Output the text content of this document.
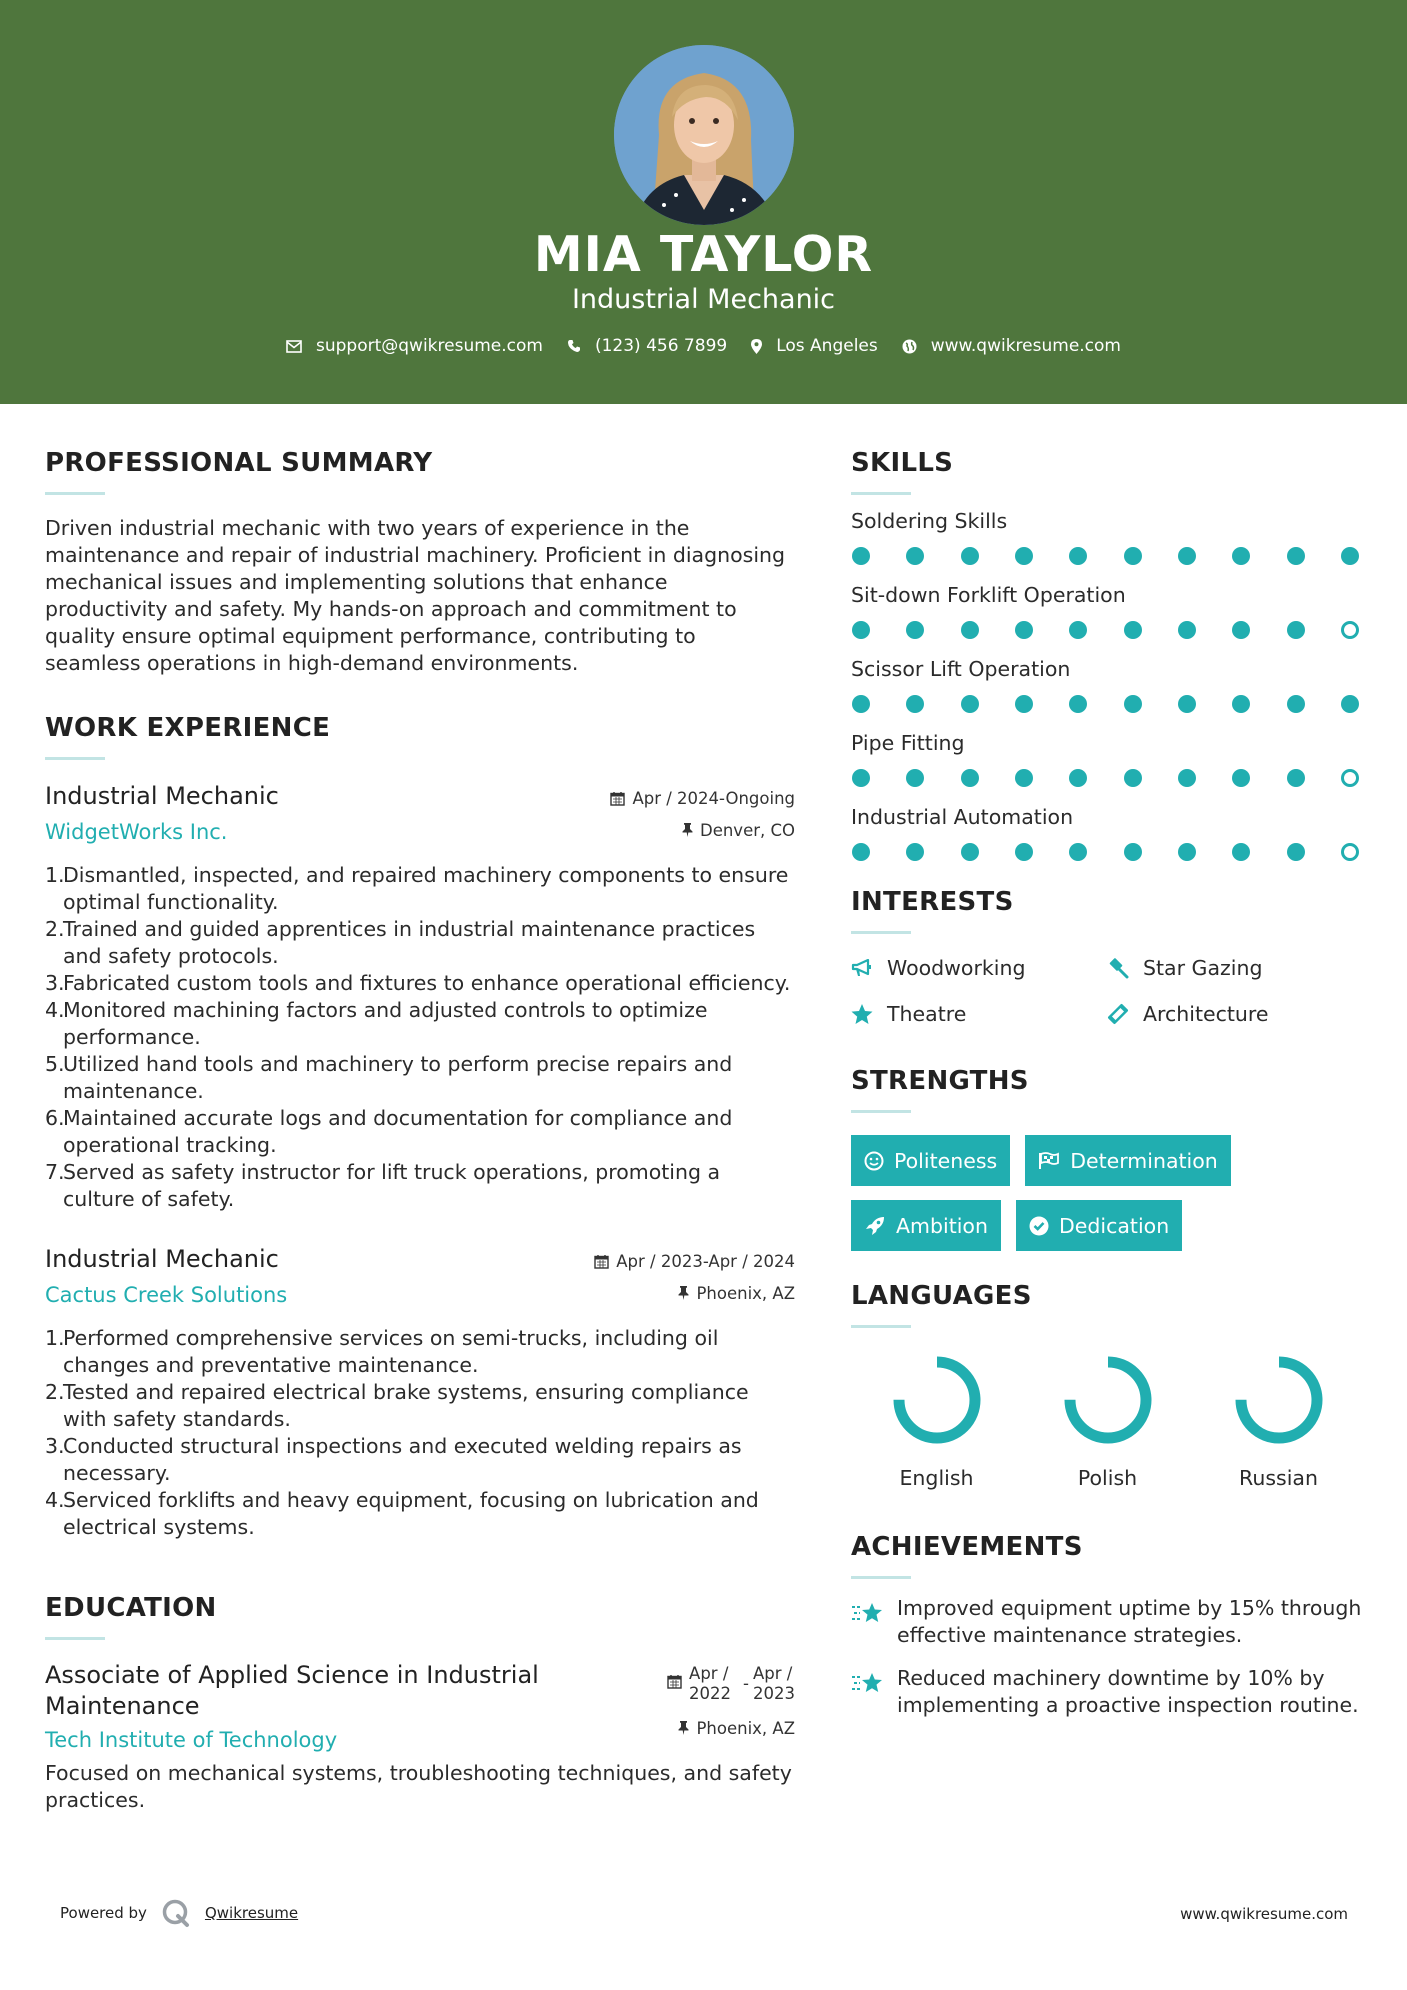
MIA TAYLOR
Industrial Mechanic
support@qwikresume.com	(123) 456 7899	Los Angeles	www.qwikresume.com
PROFESSIONAL SUMMARY
Driven industrial mechanic with two years of experience in the maintenance and repair of industrial machinery. Proficient in diagnosing mechanical issues and implementing solutions that enhance productivity and safety. My hands-on approach and commitment to quality ensure optimal equipment performance, contributing to seamless operations in high-demand environments.
WORK EXPERIENCE
Industrial Mechanic
WidgetWorks Inc.
Apr / 2024-Ongoing
Denver, CO
Dismantled, inspected, and repaired machinery components to ensure optimal functionality.
Trained and guided apprentices in industrial maintenance practices and safety protocols.
Fabricated custom tools and fixtures to enhance operational efficiency.
Monitored machining factors and adjusted controls to optimize performance.
Utilized hand tools and machinery to perform precise repairs and maintenance.
Maintained accurate logs and documentation for compliance and operational tracking.
Served as safety instructor for lift truck operations, promoting a culture of safety.
Industrial Mechanic
Cactus Creek Solutions
Apr / 2023-Apr / 2024
Phoenix, AZ
Performed comprehensive services on semi-trucks, including oil changes and preventative maintenance.
Tested and repaired electrical brake systems, ensuring compliance with safety standards.
Conducted structural inspections and executed welding repairs as necessary.
Serviced forklifts and heavy equipment, focusing on lubrication and electrical systems.
EDUCATION
Associate of Applied Science in Industrial Maintenance
Tech Institute of Technology
Apr / 2022
-
Apr / 2023
Phoenix, AZ
Focused on mechanical systems, troubleshooting techniques, and safety practices.
SKILLS
Soldering Skills
Sit-down Forklift Operation
Scissor Lift Operation
Pipe Fitting
Industrial Automation
INTERESTS
Woodworking	Star Gazing
Theatre	Architecture
STRENGTHS
Politeness	Determination
Ambition	Dedication
LANGUAGES
English	Polish	Russian
ACHIEVEMENTS
Improved equipment uptime by 15% through effective maintenance strategies.
Reduced machinery downtime by 10% by implementing a proactive inspection routine.
Powered by	Qwikresume	www.qwikresume.com
